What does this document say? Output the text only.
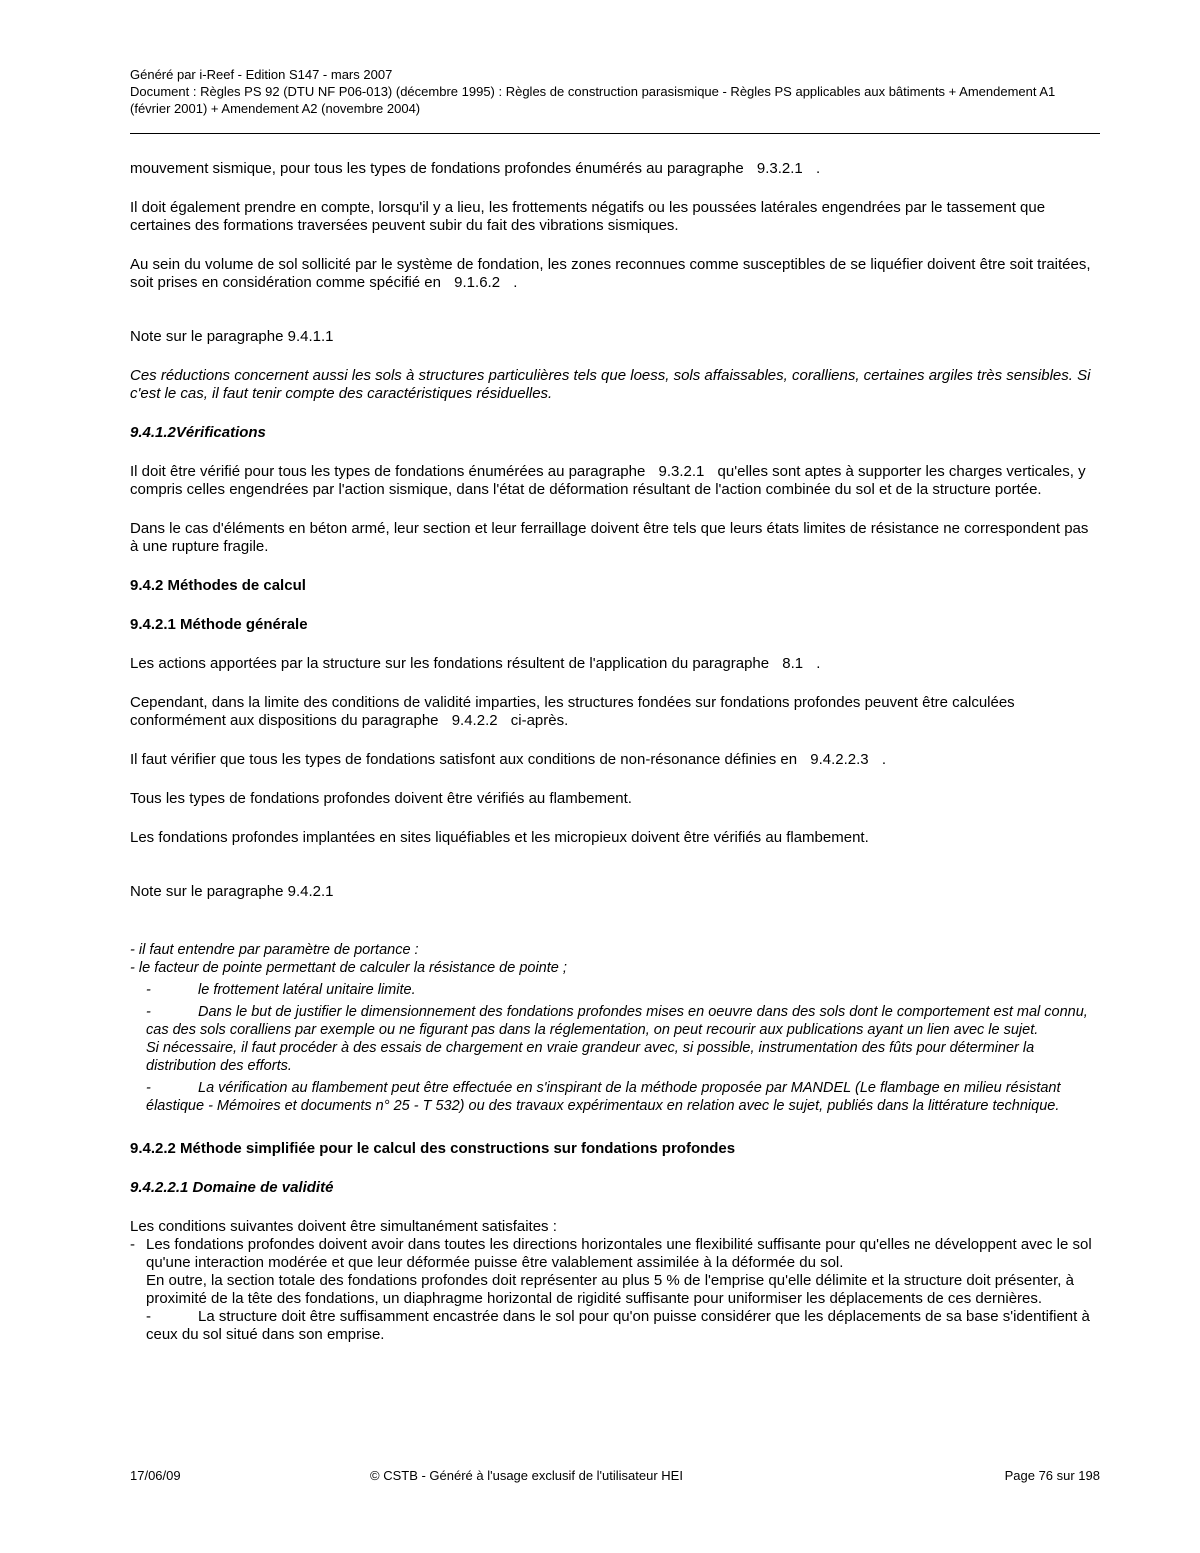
Généré par i-Reef - Edition S147 - mars 2007
Document : Règles PS 92 (DTU NF P06-013) (décembre 1995) : Règles de construction parasismique - Règles PS applicables aux bâtiments + Amendement A1 (février 2001) + Amendement A2 (novembre 2004)

mouvement sismique, pour tous les types de fondations profondes énumérés au paragraphe 9.3.2.1 .

Il doit également prendre en compte, lorsqu'il y a lieu, les frottements négatifs ou les poussées latérales engendrées par le tassement que certaines des formations traversées peuvent subir du fait des vibrations sismiques.

Au sein du volume de sol sollicité par le système de fondation, les zones reconnues comme susceptibles de se liquéfier doivent être soit traitées, soit prises en considération comme spécifié en 9.1.6.2 .

Note sur le paragraphe 9.4.1.1

Ces réductions concernent aussi les sols à structures particulières tels que loess, sols affaissables, coralliens, certaines argiles très sensibles. Si c'est le cas, il faut tenir compte des caractéristiques résiduelles.

9.4.1.2Vérifications

Il doit être vérifié pour tous les types de fondations énumérées au paragraphe 9.3.2.1 qu'elles sont aptes à supporter les charges verticales, y compris celles engendrées par l'action sismique, dans l'état de déformation résultant de l'action combinée du sol et de la structure portée.

Dans le cas d'éléments en béton armé, leur section et leur ferraillage doivent être tels que leurs états limites de résistance ne correspondent pas à une rupture fragile.

9.4.2 Méthodes de calcul
9.4.2.1 Méthode générale

Les actions apportées par la structure sur les fondations résultent de l'application du paragraphe 8.1 .

Cependant, dans la limite des conditions de validité imparties, les structures fondées sur fondations profondes peuvent être calculées conformément aux dispositions du paragraphe 9.4.2.2 ci-après.

Il faut vérifier que tous les types de fondations satisfont aux conditions de non-résonance définies en 9.4.2.2.3 .

Tous les types de fondations profondes doivent être vérifiés au flambement.

Les fondations profondes implantées en sites liquéfiables et les micropieux doivent être vérifiés au flambement.

Note sur le paragraphe 9.4.2.1

- il faut entendre par paramètre de portance :
- le facteur de pointe permettant de calculer la résistance de pointe ;
-	le frottement latéral unitaire limite.
-	Dans le but de justifier le dimensionnement des fondations profondes mises en oeuvre dans des sols dont le comportement est mal connu, cas des sols coralliens par exemple ou ne figurant pas dans la réglementation, on peut recourir aux publications ayant un lien avec le sujet.
Si nécessaire, il faut procéder à des essais de chargement en vraie grandeur avec, si possible, instrumentation des fûts pour déterminer la distribution des efforts.
-	La vérification au flambement peut être effectuée en s'inspirant de la méthode proposée par MANDEL (Le flambage en milieu résistant élastique - Mémoires et documents n° 25 - T 532) ou des travaux expérimentaux en relation avec le sujet, publiés dans la littérature technique.
9.4.2.2 Méthode simplifiée pour le calcul des constructions sur fondations profondes
9.4.2.2.1 Domaine de validité
Les conditions suivantes doivent être simultanément satisfaites :
- Les fondations profondes doivent avoir dans toutes les directions horizontales une flexibilité suffisante pour qu'elles ne développent avec le sol qu'une interaction modérée et que leur déformée puisse être valablement assimilée à la déformée du sol.
En outre, la section totale des fondations profondes doit représenter au plus 5 % de l'emprise qu'elle délimite et la structure doit présenter, à proximité de la tête des fondations, un diaphragme horizontal de rigidité suffisante pour uniformiser les déplacements de ces dernières.
-	La structure doit être suffisamment encastrée dans le sol pour qu'on puisse considérer que les déplacements de sa base s'identifient à ceux du sol situé dans son emprise.
17/06/09	© CSTB - Généré à l'usage exclusif de l'utilisateur HEI	Page 76 sur 198
